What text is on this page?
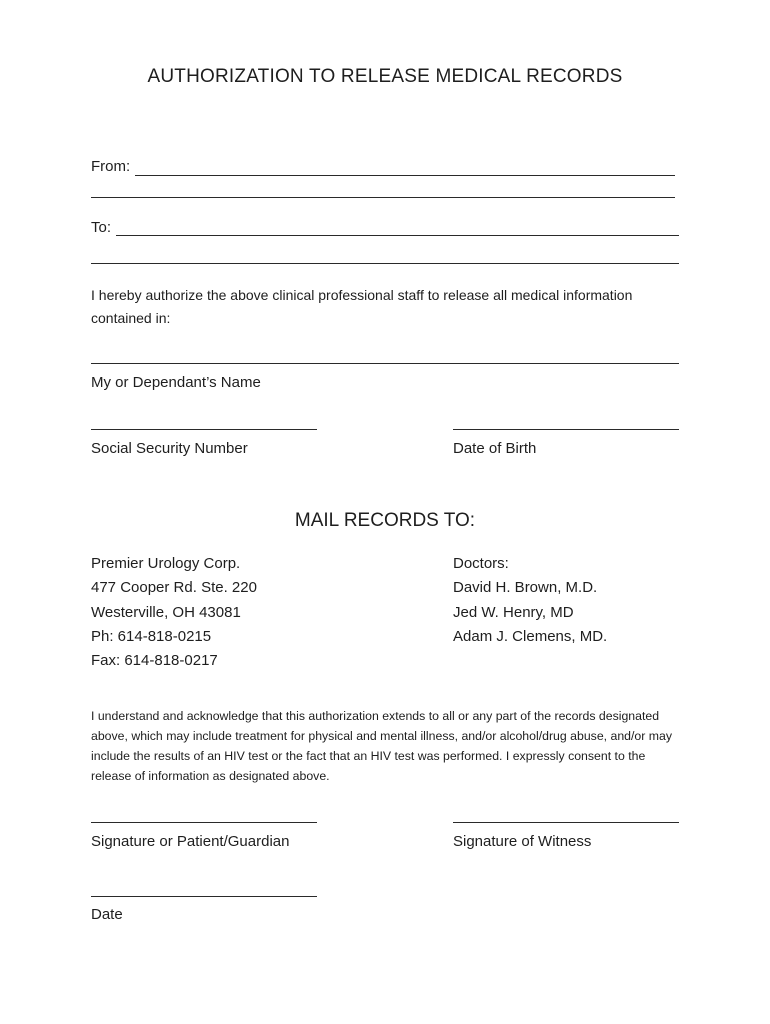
AUTHORIZATION TO RELEASE MEDICAL RECORDS
From:
To:
I hereby authorize the above clinical professional staff to release all medical information contained in:
My or Dependant’s Name
Social Security Number	Date of Birth
MAIL RECORDS TO:
Premier Urology Corp.
477 Cooper Rd. Ste. 220
Westerville, OH 43081
Ph: 614-818-0215
Fax: 614-818-0217
Doctors:
David H. Brown, M.D.
Jed W. Henry, MD
Adam J. Clemens, MD.
I understand and acknowledge that this authorization extends to all or any part of the records designated above, which may include treatment for physical and mental illness, and/or alcohol/drug abuse, and/or may include the results of an HIV test or the fact that an HIV test was performed. I expressly consent to the release of information as designated above.
Signature or Patient/Guardian	Signature of Witness
Date
